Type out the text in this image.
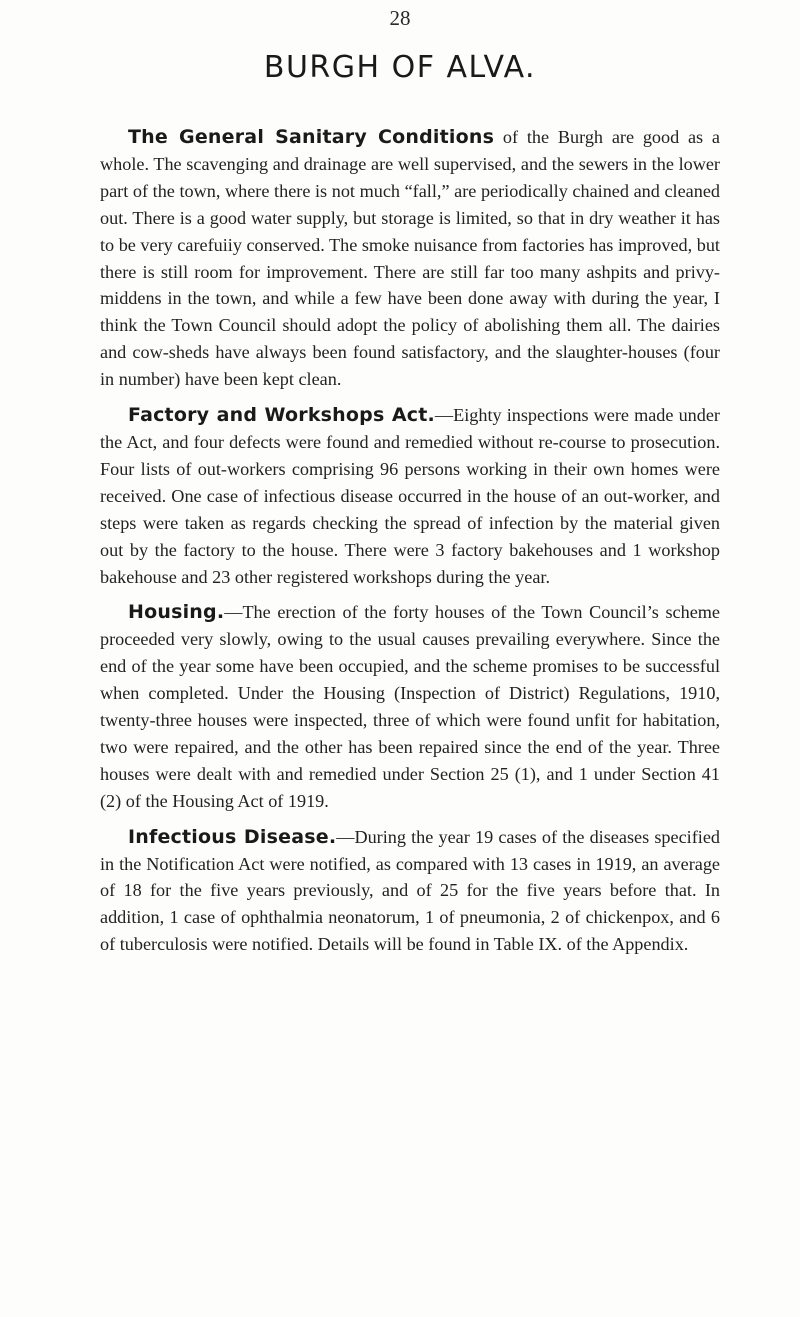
28
BURGH OF ALVA.

The General Sanitary Conditions of the Burgh are good as a whole. The scavenging and drainage are well supervised, and the sewers in the lower part of the town, where there is not much “fall,” are periodically chained and cleaned out. There is a good water supply, but storage is limited, so that in dry weather it has to be very carefuiiy conserved. The smoke nuisance from factories has improved, but there is still room for improvement. There are still far too many ashpits and privy-middens in the town, and while a few have been done away with during the year, I think the Town Council should adopt the policy of abolishing them all. The dairies and cow-sheds have always been found satisfactory, and the slaughter-houses (four in number) have been kept clean.

Factory and Workshops Act.—Eighty inspections were made under the Act, and four defects were found and remedied without re-course to prosecution. Four lists of out-workers comprising 96 persons working in their own homes were received. One case of infectious disease occurred in the house of an out-worker, and steps were taken as regards checking the spread of infection by the material given out by the factory to the house. There were 3 factory bakehouses and 1 workshop bakehouse and 23 other registered workshops during the year.

Housing.—The erection of the forty houses of the Town Council’s scheme proceeded very slowly, owing to the usual causes prevailing everywhere. Since the end of the year some have been occupied, and the scheme promises to be successful when completed. Under the Housing (Inspection of District) Regulations, 1910, twenty-three houses were inspected, three of which were found unfit for habitation, two were repaired, and the other has been repaired since the end of the year. Three houses were dealt with and remedied under Section 25 (1), and 1 under Section 41 (2) of the Housing Act of 1919.

Infectious Disease.—During the year 19 cases of the diseases specified in the Notification Act were notified, as compared with 13 cases in 1919, an average of 18 for the five years previously, and of 25 for the five years before that. In addition, 1 case of ophthalmia neonatorum, 1 of pneumonia, 2 of chickenpox, and 6 of tuberculosis were notified. Details will be found in Table IX. of the Appendix.
